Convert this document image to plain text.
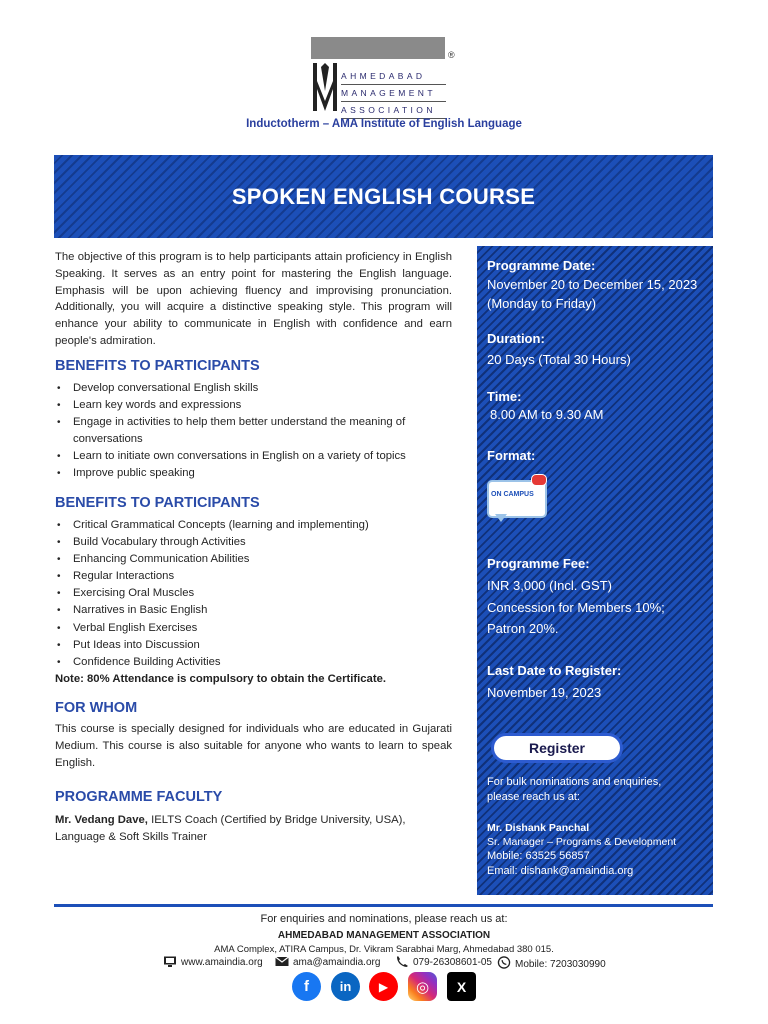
®
AHMEDABAD
MANAGEMENT
ASSOCIATION
Inductotherm – AMA Institute of English Language
SPOKEN ENGLISH COURSE

The objective of this program is to help participants attain proficiency in English Speaking. It serves as an entry point for mastering the English language. Emphasis will be upon achieving fluency and improvising pronunciation. Additionally, you will acquire a distinctive speaking style. This program will enhance your ability to communicate in English with confidence and earn people's admiration.

BENEFITS TO PARTICIPANTS
• Develop conversational English skills
• Learn key words and expressions
• Engage in activities to help them better understand the meaning of conversations
• Learn to initiate own conversations in English on a variety of topics
• Improve public speaking
BENEFITS TO PARTICIPANTS
• Critical Grammatical Concepts (learning and implementing)
• Build Vocabulary through Activities
• Enhancing Communication Abilities
• Regular Interactions
• Exercising Oral Muscles
• Narratives in Basic English
• Verbal English Exercises
• Put Ideas into Discussion
• Confidence Building Activities
Note: 80% Attendance is compulsory to obtain the Certificate.
FOR WHOM
This course is specially designed for individuals who are educated in Gujarati Medium. This course is also suitable for anyone who wants to learn to speak English.
PROGRAMME FACULTY
Mr. Vedang Dave, IELTS Coach (Certified by Bridge University, USA), Language & Soft Skills Trainer
Programme Date:
November 20 to December 15, 2023
(Monday to Friday)
Duration:
20 Days (Total 30 Hours)
Time:
8.00 AM to 9.30 AM
Format:
ON CAMPUS
Programme Fee:
INR 3,000 (Incl. GST)
Concession for Members 10%;
Patron 20%.
Last Date to Register:
November 19, 2023
Register
For bulk nominations and enquiries,
please reach us at:
Mr. Dishank Panchal
Sr. Manager – Programs & Development
Mobile: 63525 56857
Email: dishank@amaindia.org
For enquiries and nominations, please reach us at:
AHMEDABAD MANAGEMENT ASSOCIATION
AMA Complex, ATIRA Campus, Dr. Vikram Sarabhai Marg, Ahmedabad 380 015.
www.amaindia.org	ama@amaindia.org	079-26308601-05	Mobile: 7203030990
f in ▶ ◎ X
